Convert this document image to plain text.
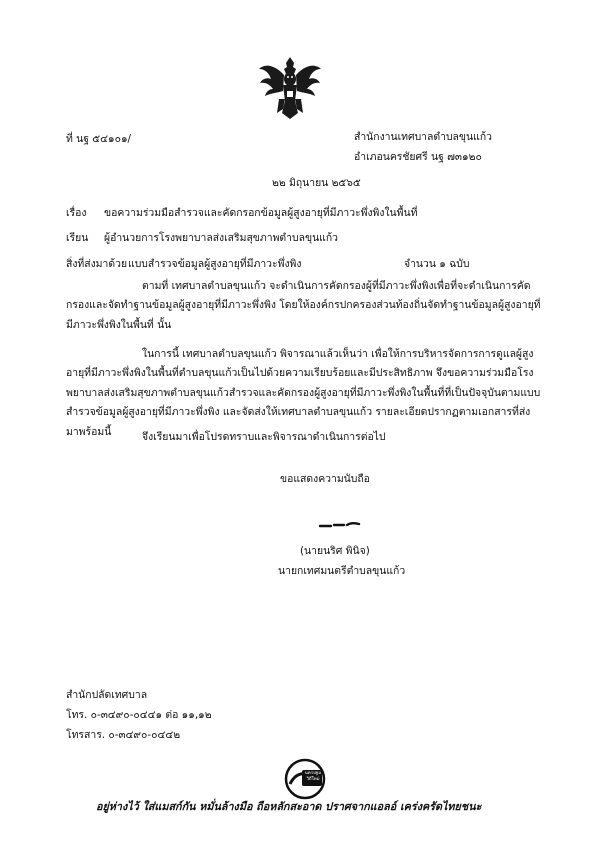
ที่ นฐ ๕๔๑๐๑/	สำนักงานเทศบาลตำบลขุนแก้ว
อำเภอนครชัยศรี นฐ ๗๓๑๒๐
๒๒ มิถุนายน ๒๕๖๕
เรื่อง ขอความร่วมมือสำรวจและคัดกรอกข้อมูลผู้สูงอายุที่มีภาวะพึ่งพิงในพื้นที่
เรียน ผู้อำนวยการโรงพยาบาลส่งเสริมสุขภาพตำบลขุนแก้ว
สิ่งที่ส่งมาด้วย แบบสำรวจข้อมูลผู้สูงอายุที่มีภาวะพึ่งพิง	จำนวน ๑ ฉบับ
ตามที่ เทศบาลตำบลขุนแก้ว จะดำเนินการคัดกรองผู้ที่มีภาวะพึ่งพิงเพื่อที่จะดำเนินการคัดกรองและจัดทำฐานข้อมูลผู้สูงอายุที่มีภาวะพึ่งพิง โดยให้องค์กรปกครองส่วนท้องถิ่นจัดทำฐานข้อมูลผู้สูงอายุที่มีภาวะพึ่งพิงในพื้นที่ นั้น
ในการนี้ เทศบาลตำบลขุนแก้ว พิจารณาแล้วเห็นว่า เพื่อให้การบริหารจัดการการดูแลผู้สูงอายุที่มีภาวะพึ่งพิงในพื้นที่ตำบลขุนแก้วเป็นไปด้วยความเรียบร้อยและมีประสิทธิภาพ จึงขอความร่วมมือโรงพยาบาลส่งเสริมสุขภาพตำบลขุนแก้วสำรวจและคัดกรองผู้สูงอายุที่มีภาวะพึ่งพิงในพื้นที่ที่เป็นปัจจุบันตามแบบสำรวจข้อมูลผู้สูงอายุที่มีภาวะพึ่งพิง และจัดส่งให้เทศบาลตำบลขุนแก้ว รายละเอียดปรากฏตามเอกสารที่ส่งมาพร้อมนี้	จึงเรียนมาเพื่อโปรดทราบและพิจารณาดำเนินการต่อไป
ขอแสดงความนับถือ
(นายนริศ พินิจ)
นายกเทศมนตรีตำบลขุนแก้ว
สำนักปลัดเทศบาล
โทร. ๐-๓๔๙๐-๐๔๔๑ ต่อ ๑๑,๑๒
โทรสาร. ๐-๓๔๙๐-๐๔๔๒
นครปฐม วิถีใหม่
อยู่ห่างไว้ ใส่แมสก์กัน หมั่นล้างมือ ถือหลักสะอาด ปราศจากแอลอ์ เคร่งครัดไทยชนะ
